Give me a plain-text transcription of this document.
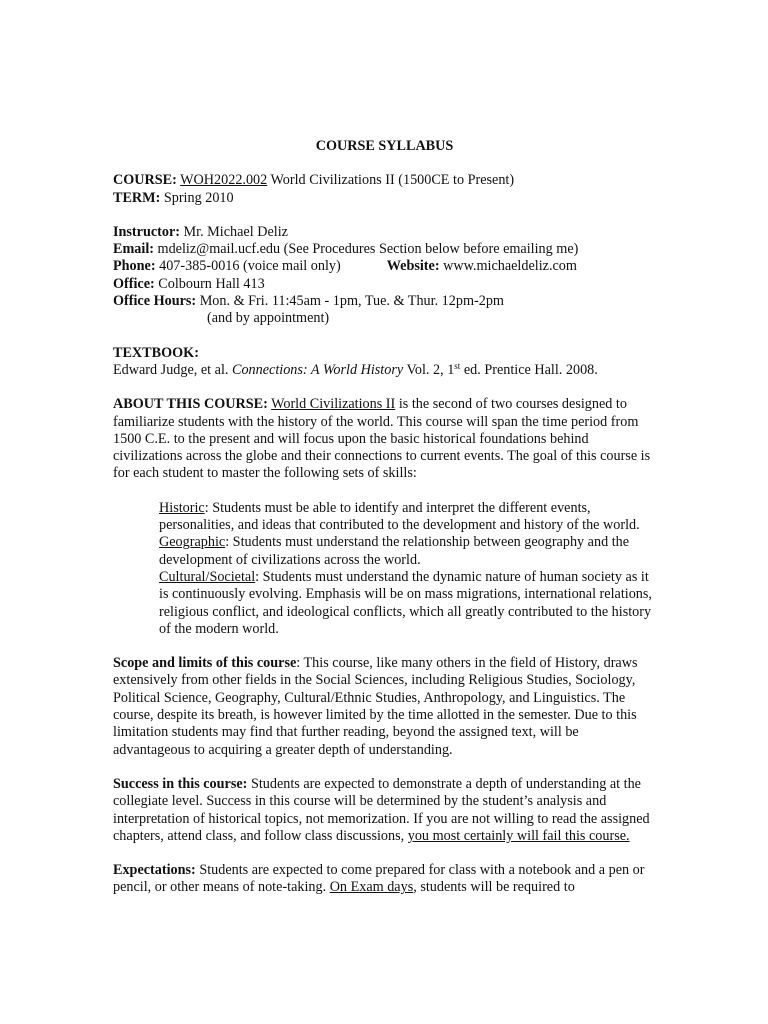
COURSE SYLLABUS

COURSE: WOH2022.002 World Civilizations II (1500CE to Present)

TERM: Spring 2010

Instructor: Mr. Michael Deliz

Email: mdeliz@mail.ucf.edu (See Procedures Section below before emailing me)

Phone: 407-385-0016 (voice mail only)	Website: www.michaeldeliz.com

Office: Colbourn Hall 413

Office Hours: Mon. & Fri. 11:45am - 1pm, Tue. & Thur. 12pm-2pm
(and by appointment)

TEXTBOOK:

Edward Judge, et al. Connections: A World History Vol. 2, 1st ed. Prentice Hall. 2008.

ABOUT THIS COURSE: World Civilizations II is the second of two courses designed to familiarize students with the history of the world. This course will span the time period from 1500 C.E. to the present and will focus upon the basic historical foundations behind civilizations across the globe and their connections to current events. The goal of this course is for each student to master the following sets of skills:

Historic: Students must be able to identify and interpret the different events, personalities, and ideas that contributed to the development and history of the world.

Geographic: Students must understand the relationship between geography and the development of civilizations across the world.

Cultural/Societal: Students must understand the dynamic nature of human society as it is continuously evolving. Emphasis will be on mass migrations, international relations, religious conflict, and ideological conflicts, which all greatly contributed to the history of the modern world.

Scope and limits of this course: This course, like many others in the field of History, draws extensively from other fields in the Social Sciences, including Religious Studies, Sociology, Political Science, Geography, Cultural/Ethnic Studies, Anthropology, and Linguistics. The course, despite its breath, is however limited by the time allotted in the semester. Due to this limitation students may find that further reading, beyond the assigned text, will be advantageous to acquiring a greater depth of understanding.

Success in this course: Students are expected to demonstrate a depth of understanding at the collegiate level. Success in this course will be determined by the student’s analysis and interpretation of historical topics, not memorization. If you are not willing to read the assigned chapters, attend class, and follow class discussions, you most certainly will fail this course.

Expectations: Students are expected to come prepared for class with a notebook and a pen or pencil, or other means of note-taking. On Exam days, students will be required to
